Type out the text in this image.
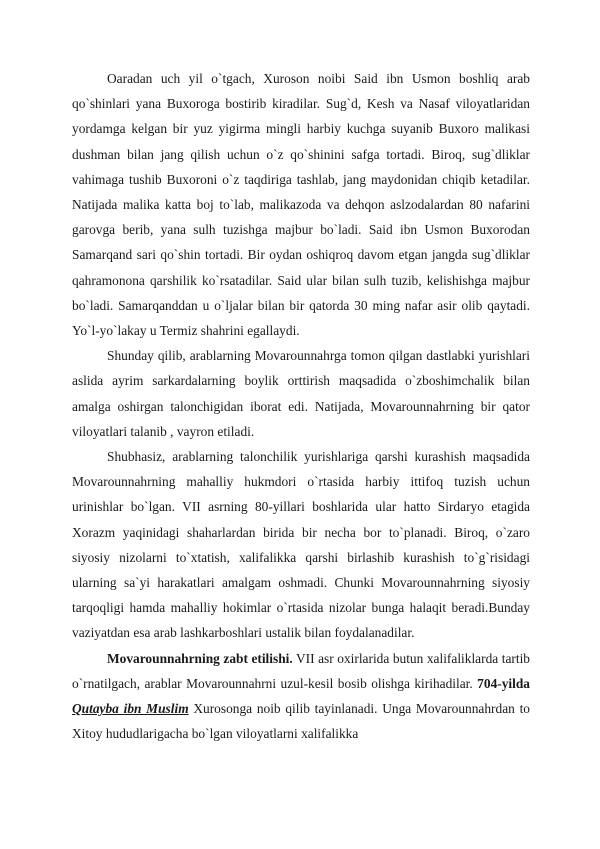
Oaradan uch yil o`tgach, Xuroson noibi Said ibn Usmon boshliq arab qo`shinlari yana Buxoroga bostirib kiradilar. Sug`d, Kesh va Nasaf viloyatlaridan yordamga kelgan bir yuz yigirma mingli harbiy kuchga suyanib Buxoro malikasi dushman bilan jang qilish uchun o`z qo`shinini safga tortadi. Biroq, sug`dliklar vahimaga tushib Buxoroni o`z taqdiriga tashlab, jang maydonidan chiqib ketadilar. Natijada malika katta boj to`lab, malikazoda va dehqon aslzodalardan 80 nafarini garovga berib, yana sulh tuzishga majbur bo`ladi. Said ibn Usmon Buxorodan Samarqand sari qo`shin tortadi. Bir oydan oshiqroq davom etgan jangda sug`dliklar qahramonona qarshilik ko`rsatadilar. Said ular bilan sulh tuzib, kelishishga majbur bo`ladi. Samarqanddan u o`ljalar bilan bir qatorda 30 ming nafar asir olib qaytadi. Yo`l-yo`lakay u Termiz shahrini egallaydi.

Shunday qilib, arablarning Movarounnahrga tomon qilgan dastlabki yurishlari aslida ayrim sarkardalarning boylik orttirish maqsadida o`zboshimchalik bilan amalga oshirgan talonchigidan iborat edi. Natijada, Movarounnahrning bir qator viloyatlari talanib , vayron etiladi.

Shubhasiz, arablarning talonchilik yurishlariga qarshi kurashish maqsadida Movarounnahrning mahalliy hukmdori o`rtasida harbiy ittifoq tuzish uchun urinishlar bo`lgan. VII asrning 80-yillari boshlarida ular hatto Sirdaryo etagida Xorazm yaqinidagi shaharlardan birida bir necha bor to`planadi. Biroq, o`zaro siyosiy nizolarni to`xtatish, xalifalikka qarshi birlashib kurashish to`g`risidagi ularning sa`yi harakatlari amalgam oshmadi. Chunki Movarounnahrning siyosiy tarqoqligi hamda mahalliy hokimlar o`rtasida nizolar bunga halaqit beradi.Bunday vaziyatdan esa arab lashkarboshlari ustalik bilan foydalanadilar.

Movarounnahrning zabt etilishi. VII asr oxirlarida butun xalifaliklarda tartib o`rnatilgach, arablar Movarounnahrni uzul-kesil bosib olishga kirihadilar. 704-yilda Qutayba ibn Muslim Xurosonga noib qilib tayinlanadi. Unga Movarounnahrdan to Xitoy hududlarigacha bo`lgan viloyatlarni xalifalikka
